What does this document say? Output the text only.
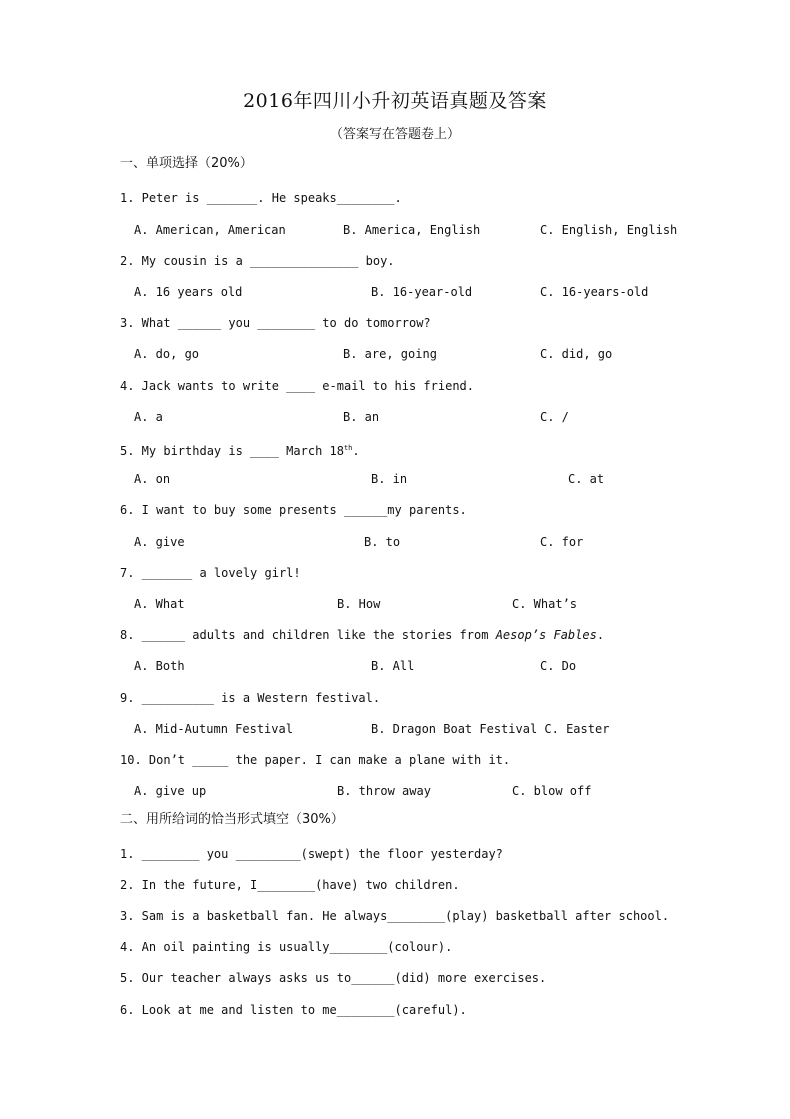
2016年四川小升初英语真题及答案
（答案写在答题卷上）
一、单项选择（20%）
1. Peter is _______. He speaks________.
A. American, American	B. America, English	C. English, English
2. My cousin is a _______________ boy.
A. 16 years old	B. 16-year-old	C. 16-years-old
3. What ______ you ________ to do tomorrow?
A. do, go	B. are, going	C. did, go
4. Jack wants to write ____ e-mail to his friend.
A. a	B. an	C. /
5. My birthday is ____ March 18th.
A. on	B. in	C. at
6. I want to buy some presents ______my parents.
A. give	B. to	C. for
7. _______ a lovely girl!
A. What	B. How	C. What’s
8. ______ adults and children like the stories from Aesop’s Fables.
A. Both	B. All	C. Do
9. __________ is a Western festival.
A. Mid-Autumn Festival	B. Dragon Boat Festival C. Easter
10. Don’t _____ the paper. I can make a plane with it.
A. give up	B. throw away	C. blow off
二、用所给词的恰当形式填空（30%）
1. ________ you _________(swept) the floor yesterday?
2. In the future, I________(have) two children.
3. Sam is a basketball fan. He always________(play) basketball after school.
4. An oil painting is usually________(colour).
5. Our teacher always asks us to______(did) more exercises.
6. Look at me and listen to me________(careful).
